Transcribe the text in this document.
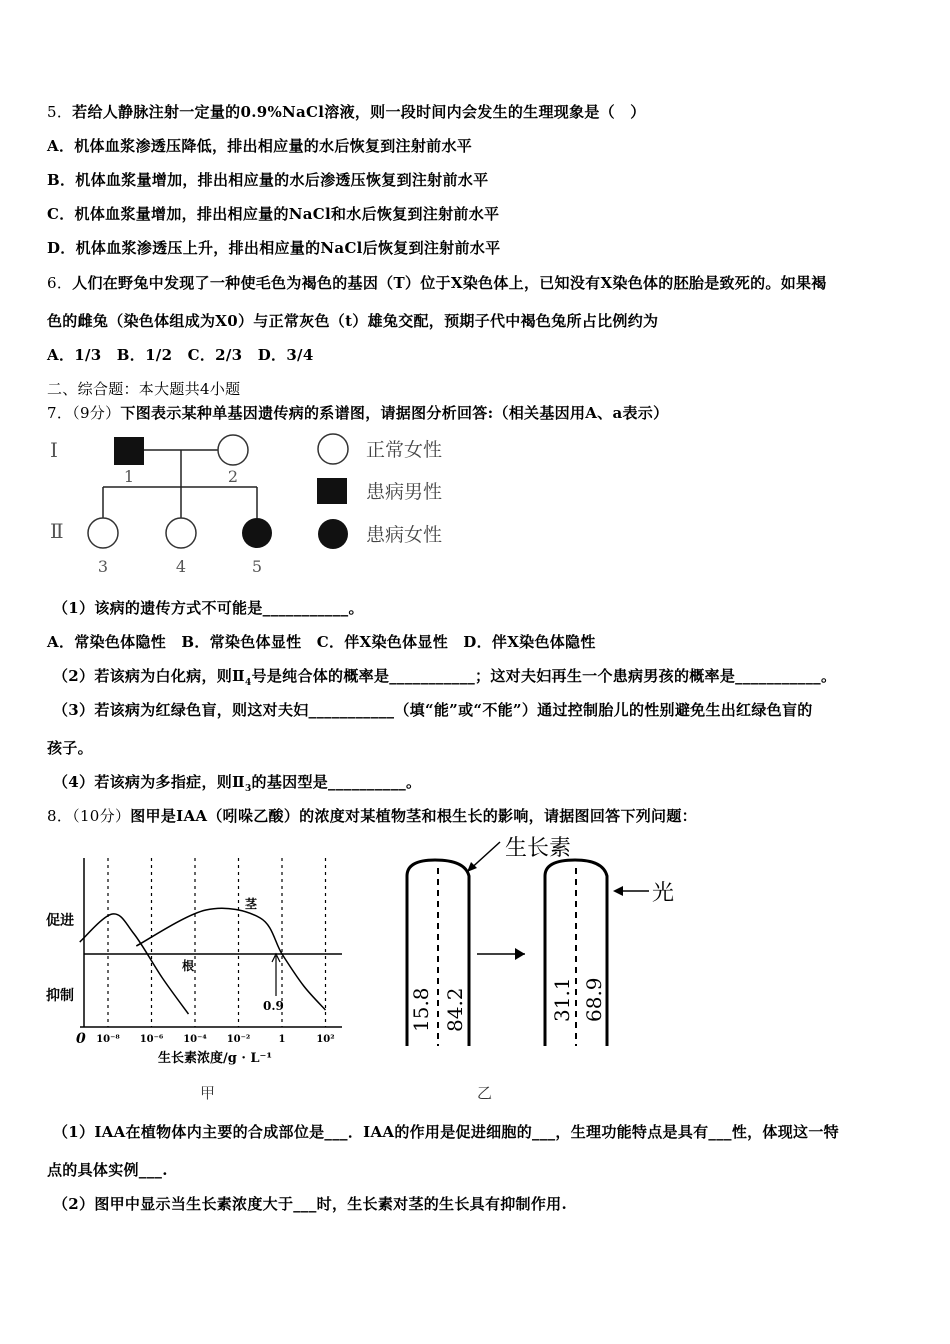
5．若给人静脉注射一定量的0.9%NaCl溶液，则一段时间内会发生的生理现象是（　）
A．机体血浆渗透压降低，排出相应量的水后恢复到注射前水平
B．机体血浆量增加，排出相应量的水后渗透压恢复到注射前水平
C．机体血浆量增加，排出相应量的NaCl和水后恢复到注射前水平
D．机体血浆渗透压上升，排出相应量的NaCl后恢复到注射前水平
6．人们在野兔中发现了一种使毛色为褐色的基因（T）位于X染色体上，已知没有X染色体的胚胎是致死的。如果褐
色的雌兔（染色体组成为X0）与正常灰色（t）雄兔交配，预期子代中褐色兔所占比例约为
A．1/3　B．1/2　C．2/3　D．3/4
二、综合题：本大题共4小题
7．（9分）下图表示某种单基因遗传病的系谱图，请据图分析回答:（相关基因用A、a表示）
Ⅰ
Ⅱ
1	2
3	4	5
正常女性
患病男性
患病女性
（1）该病的遗传方式不可能是___________。
A．常染色体隐性　B．常染色体显性　C．伴X染色体显性　D．伴X染色体隐性
（2）若该病为白化病，则$Ⅱ_4$号是纯合体的概率是___________；这对夫妇再生一个患病男孩的概率是___________。
（3）若该病为红绿色盲，则这对夫妇___________（填“能”或“不能”）通过控制胎儿的性别避免生出红绿色盲的
孩子。
（4）若该病为多指症，则$Ⅱ_3$的基因型是__________。
8．（10分）图甲是IAA（吲哚乙酸）的浓度对某植物茎和根生长的影响，请据图回答下列问题：
10⁻⁸ 10⁻⁶ 10⁻⁴ 10⁻²	1	10²
促进
抑制
0
生长素浓度/g · L⁻¹
根
茎
0.9
甲
生长素
15.8 84.2
光
31.1 68.9
乙
（1）IAA在植物体内主要的合成部位是___．IAA的作用是促进细胞的___，生理功能特点是具有___性，体现这一特
点的具体实例___.
（2）图甲中显示当生长素浓度大于___时，生长素对茎的生长具有抑制作用.
